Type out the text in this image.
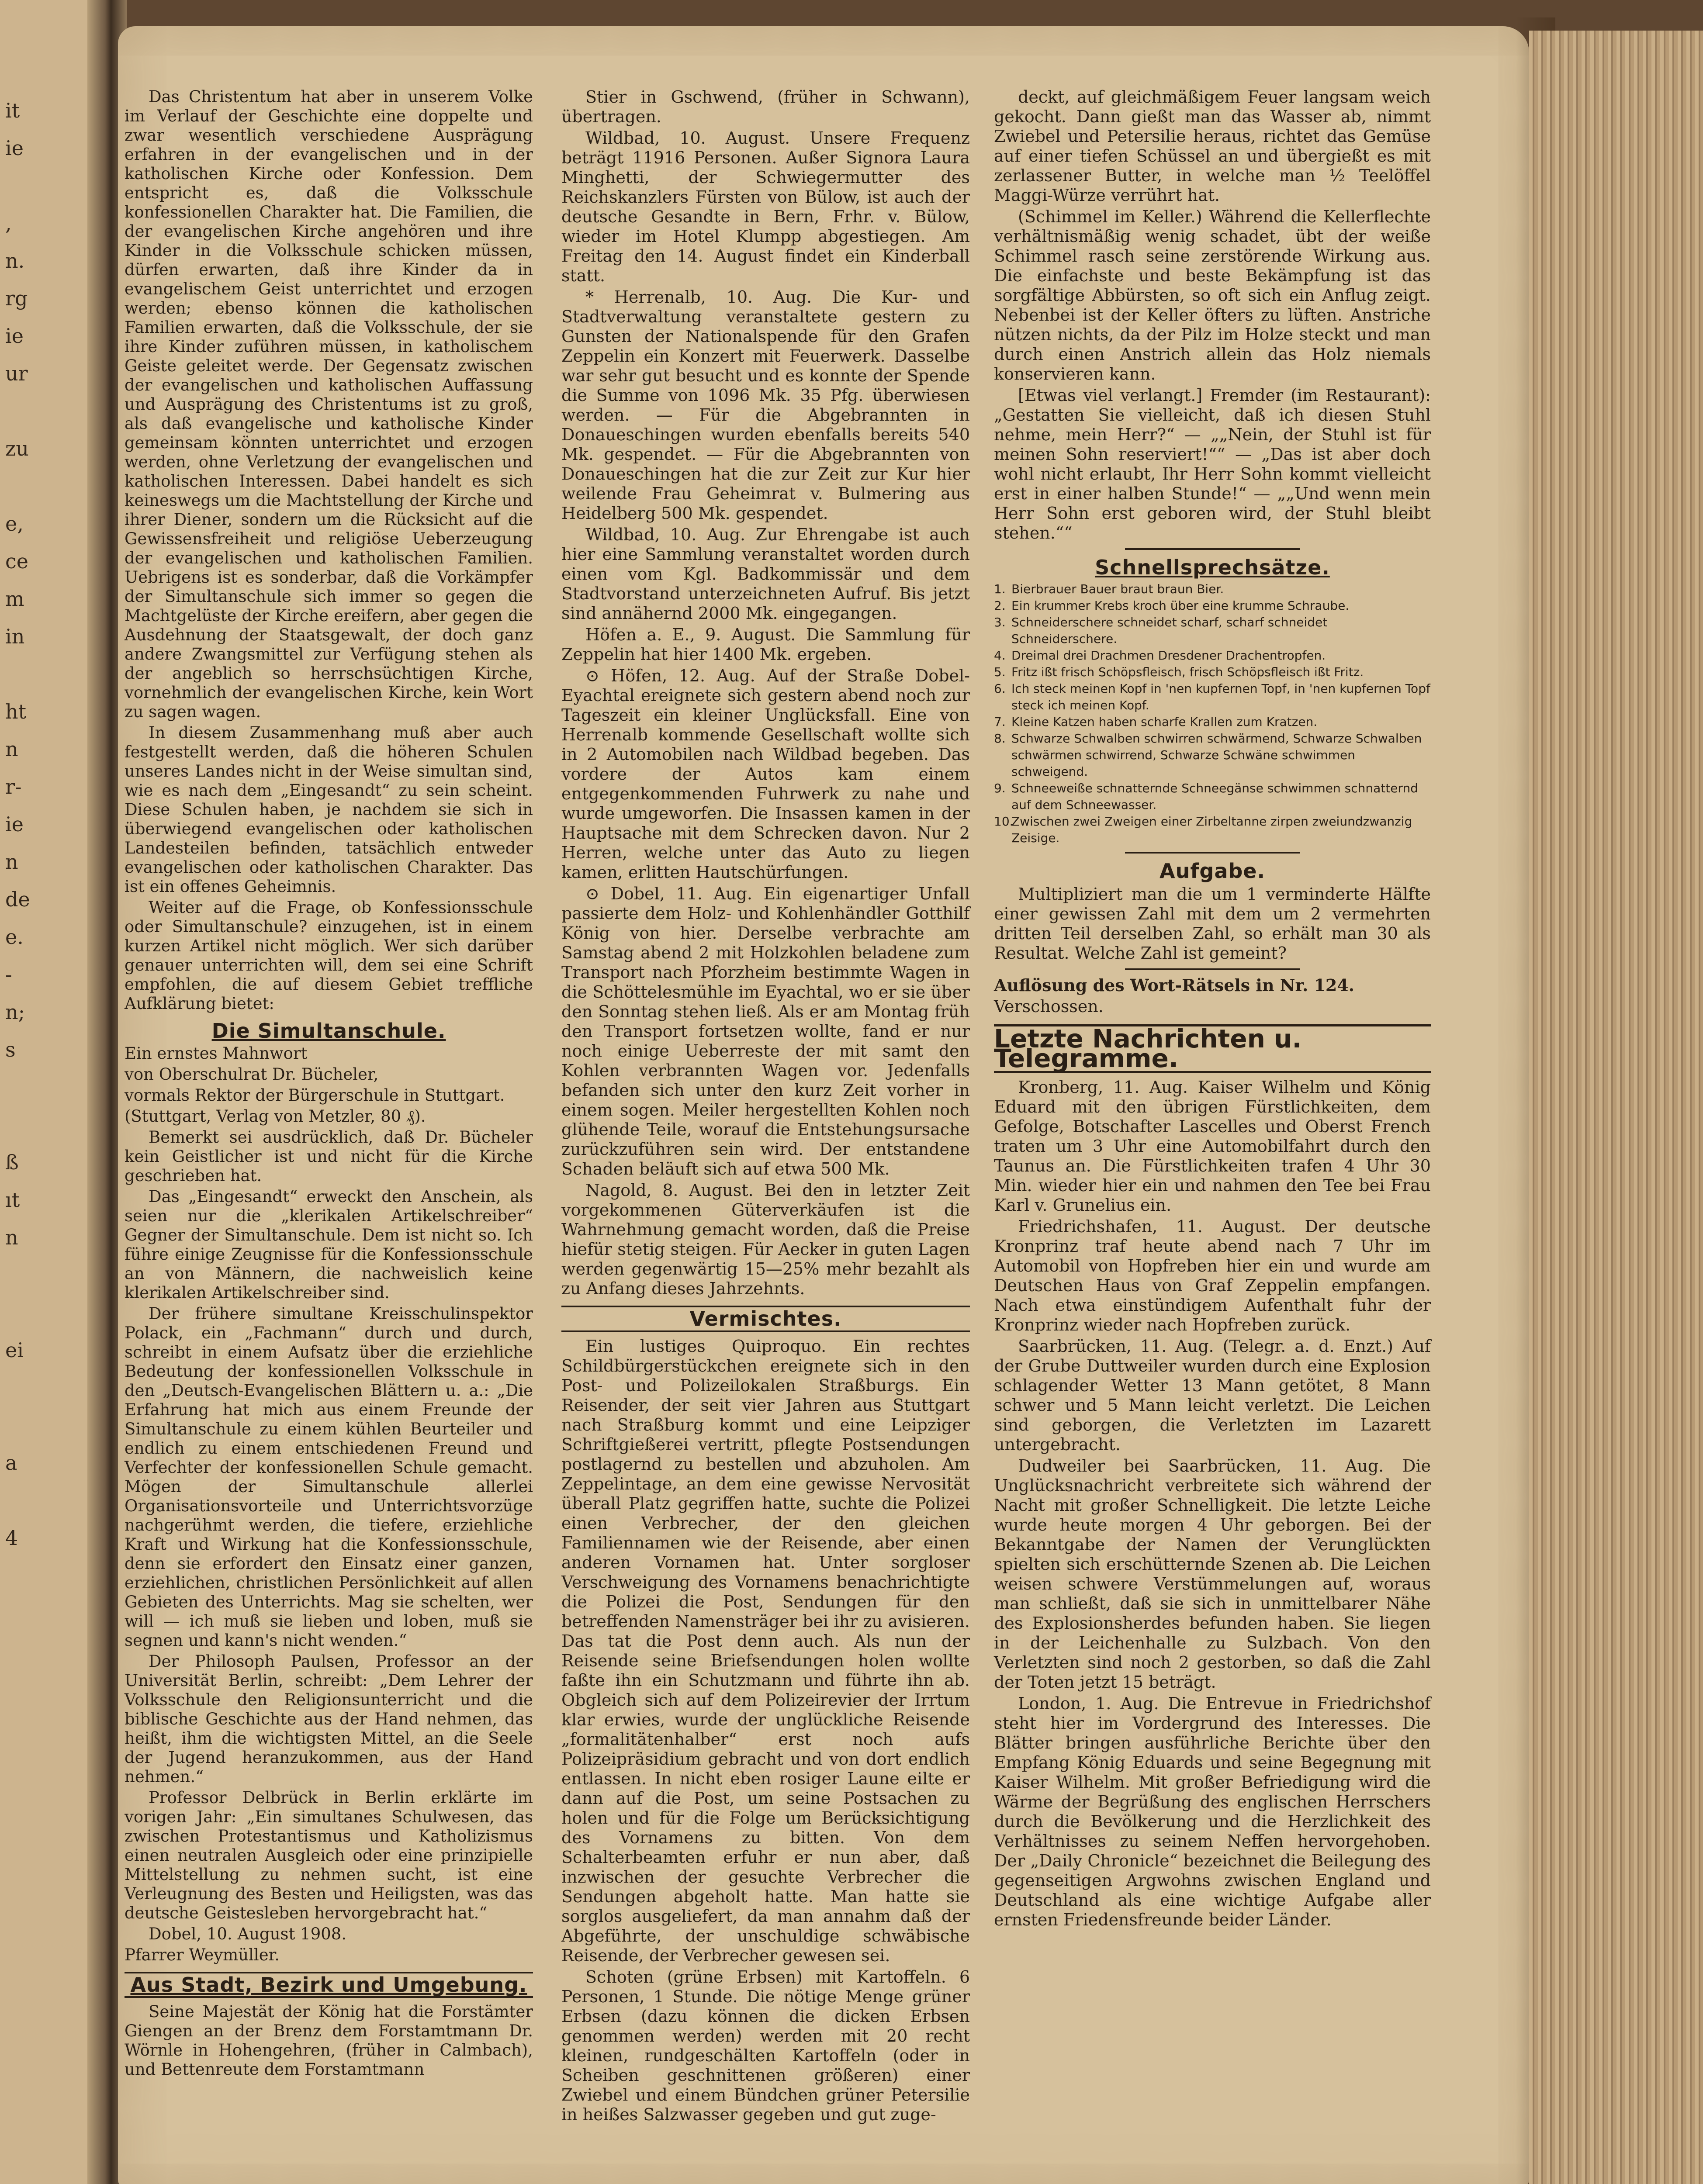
it
ie
,
n.
rg
ie
ur
zu
e,
ce
m
in
ht
n
r-
ie
n
de
e.
-
n;
s
ß
ıt
n
ei
a
4

Das Christentum hat aber in unserem Volke im Verlauf der Geschichte eine doppelte und zwar wesentlich verschiedene Ausprägung erfahren in der evangelischen und in der katholischen Kirche oder Konfession. Dem entspricht es, daß die Volksschule konfessionellen Charakter hat. Die Familien, die der evangelischen Kirche angehören und ihre Kinder in die Volksschule schicken müssen, dürfen erwarten, daß ihre Kinder da in evangelischem Geist unterrichtet und erzogen werden; ebenso können die katholischen Familien erwarten, daß die Volksschule, der sie ihre Kinder zuführen müssen, in katholischem Geiste geleitet werde. Der Gegensatz zwischen der evangelischen und katholischen Auffassung und Ausprägung des Christentums ist zu groß, als daß evangelische und katholische Kinder gemeinsam könnten unterrichtet und erzogen werden, ohne Verletzung der evangelischen und katholischen Interessen. Dabei handelt es sich keineswegs um die Machtstellung der Kirche und ihrer Diener, sondern um die Rücksicht auf die Gewissensfreiheit und religiöse Ueberzeugung der evangelischen und katholischen Familien. Uebrigens ist es sonderbar, daß die Vorkämpfer der Simultanschule sich immer so gegen die Machtgelüste der Kirche ereifern, aber gegen die Ausdehnung der Staatsgewalt, der doch ganz andere Zwangsmittel zur Verfügung stehen als der angeblich so herrschsüchtigen Kirche, vornehmlich der evangelischen Kirche, kein Wort zu sagen wagen.

In diesem Zusammenhang muß aber auch festgestellt werden, daß die höheren Schulen unseres Landes nicht in der Weise simultan sind, wie es nach dem „Eingesandt“ zu sein scheint. Diese Schulen haben, je nachdem sie sich in überwiegend evangelischen oder katholischen Landesteilen befinden, tatsächlich entweder evangelischen oder katholischen Charakter. Das ist ein offenes Geheimnis.

Weiter auf die Frage, ob Konfessionsschule oder Simultanschule? einzugehen, ist in einem kurzen Artikel nicht möglich. Wer sich darüber genauer unterrichten will, dem sei eine Schrift empfohlen, die auf diesem Gebiet treffliche Aufklärung bietet:

Die Simultanschule.

Ein ernstes Mahnwort

von Oberschulrat Dr. Bücheler,

vormals Rektor der Bürgerschule in Stuttgart.

(Stuttgart, Verlag von Metzler, 80 ₰).

Bemerkt sei ausdrücklich, daß Dr. Bücheler kein Geistlicher ist und nicht für die Kirche geschrieben hat.

Das „Eingesandt“ erweckt den Anschein, als seien nur die „klerikalen Artikelschreiber“ Gegner der Simultanschule. Dem ist nicht so. Ich führe einige Zeugnisse für die Konfessionsschule an von Männern, die nachweislich keine klerikalen Artikelschreiber sind.

Der frühere simultane Kreisschulinspektor Polack, ein „Fachmann“ durch und durch, schreibt in einem Aufsatz über die erziehliche Bedeutung der konfessionellen Volksschule in den „Deutsch-Evangelischen Blättern u. a.: „Die Erfahrung hat mich aus einem Freunde der Simultanschule zu einem kühlen Beurteiler und endlich zu einem entschiedenen Freund und Verfechter der konfessionellen Schule gemacht. Mögen der Simultanschule allerlei Organisationsvorteile und Unterrichtsvorzüge nachgerühmt werden, die tiefere, erziehliche Kraft und Wirkung hat die Konfessionsschule, denn sie erfordert den Einsatz einer ganzen, erziehlichen, christlichen Persönlichkeit auf allen Gebieten des Unterrichts. Mag sie schelten, wer will — ich muß sie lieben und loben, muß sie segnen und kann's nicht wenden.“

Der Philosoph Paulsen, Professor an der Universität Berlin, schreibt: „Dem Lehrer der Volksschule den Religionsunterricht und die biblische Geschichte aus der Hand nehmen, das heißt, ihm die wichtigsten Mittel, an die Seele der Jugend heranzukommen, aus der Hand nehmen.“

Professor Delbrück in Berlin erklärte im vorigen Jahr: „Ein simultanes Schulwesen, das zwischen Protestantismus und Katholizismus einen neutralen Ausgleich oder eine prinzipielle Mittelstellung zu nehmen sucht, ist eine Verleugnung des Besten und Heiligsten, was das deutsche Geistesleben hervorgebracht hat.“

Dobel, 10. August 1908.

Pfarrer Weymüller.

Aus Stadt, Bezirk und Umgebung.

Seine Majestät der König hat die Forstämter Giengen an der Brenz dem Forstamtmann Dr. Wörnle in Hohengehren, (früher in Calmbach), und Bettenreute dem Forstamtmann

Stier in Gschwend, (früher in Schwann), übertragen.

Wildbad, 10. August. Unsere Frequenz beträgt 11916 Personen. Außer Signora Laura Minghetti, der Schwiegermutter des Reichskanzlers Fürsten von Bülow, ist auch der deutsche Gesandte in Bern, Frhr. v. Bülow, wieder im Hotel Klumpp abgestiegen. Am Freitag den 14. August findet ein Kinderball statt.

* Herrenalb, 10. Aug. Die Kur- und Stadtverwaltung veranstaltete gestern zu Gunsten der Nationalspende für den Grafen Zeppelin ein Konzert mit Feuerwerk. Dasselbe war sehr gut besucht und es konnte der Spende die Summe von 1096 Mk. 35 Pfg. überwiesen werden. — Für die Abgebrannten in Donaueschingen wurden ebenfalls bereits 540 Mk. gespendet. — Für die Abgebrannten von Donaueschingen hat die zur Zeit zur Kur hier weilende Frau Geheimrat v. Bulmering aus Heidelberg 500 Mk. gespendet.

Wildbad, 10. Aug. Zur Ehrengabe ist auch hier eine Sammlung veranstaltet worden durch einen vom Kgl. Badkommissär und dem Stadtvorstand unterzeichneten Aufruf. Bis jetzt sind annähernd 2000 Mk. eingegangen.

Höfen a. E., 9. August. Die Sammlung für Zeppelin hat hier 1400 Mk. ergeben.

⊙ Höfen, 12. Aug. Auf der Straße Dobel-Eyachtal ereignete sich gestern abend noch zur Tageszeit ein kleiner Unglücksfall. Eine von Herrenalb kommende Gesellschaft wollte sich in 2 Automobilen nach Wildbad begeben. Das vordere der Autos kam einem entgegenkommenden Fuhrwerk zu nahe und wurde umgeworfen. Die Insassen kamen in der Hauptsache mit dem Schrecken davon. Nur 2 Herren, welche unter das Auto zu liegen kamen, erlitten Hautschürfungen.

⊙ Dobel, 11. Aug. Ein eigenartiger Unfall passierte dem Holz- und Kohlenhändler Gotthilf König von hier. Derselbe verbrachte am Samstag abend 2 mit Holzkohlen beladene zum Transport nach Pforzheim bestimmte Wagen in die Schöttelesmühle im Eyachtal, wo er sie über den Sonntag stehen ließ. Als er am Montag früh den Transport fortsetzen wollte, fand er nur noch einige Ueberreste der mit samt den Kohlen verbrannten Wagen vor. Jedenfalls befanden sich unter den kurz Zeit vorher in einem sogen. Meiler hergestellten Kohlen noch glühende Teile, worauf die Entstehungsursache zurückzuführen sein wird. Der entstandene Schaden beläuft sich auf etwa 500 Mk.

Nagold, 8. August. Bei den in letzter Zeit vorgekommenen Güterverkäufen ist die Wahrnehmung gemacht worden, daß die Preise hiefür stetig steigen. Für Aecker in guten Lagen werden gegenwärtig 15—25% mehr bezahlt als zu Anfang dieses Jahrzehnts.

Vermischtes.

Ein lustiges Quiproquo. Ein rechtes Schildbürgerstückchen ereignete sich in den Post- und Polizeilokalen Straßburgs. Ein Reisender, der seit vier Jahren aus Stuttgart nach Straßburg kommt und eine Leipziger Schriftgießerei vertritt, pflegte Postsendungen postlagernd zu bestellen und abzuholen. Am Zeppelintage, an dem eine gewisse Nervosität überall Platz gegriffen hatte, suchte die Polizei einen Verbrecher, der den gleichen Familiennamen wie der Reisende, aber einen anderen Vornamen hat. Unter sorgloser Verschweigung des Vornamens benachrichtigte die Polizei die Post, Sendungen für den betreffenden Namensträger bei ihr zu avisieren. Das tat die Post denn auch. Als nun der Reisende seine Briefsendungen holen wollte faßte ihn ein Schutzmann und führte ihn ab. Obgleich sich auf dem Polizeirevier der Irrtum klar erwies, wurde der unglückliche Reisende „formalitätenhalber“ erst noch aufs Polizeipräsidium gebracht und von dort endlich entlassen. In nicht eben rosiger Laune eilte er dann auf die Post, um seine Postsachen zu holen und für die Folge um Berücksichtigung des Vornamens zu bitten. Von dem Schalterbeamten erfuhr er nun aber, daß inzwischen der gesuchte Verbrecher die Sendungen abgeholt hatte. Man hatte sie sorglos ausgeliefert, da man annahm daß der Abgeführte, der unschuldige schwäbische Reisende, der Verbrecher gewesen sei.

Schoten (grüne Erbsen) mit Kartoffeln. 6 Personen, 1 Stunde. Die nötige Menge grüner Erbsen (dazu können die dicken Erbsen genommen werden) werden mit 20 recht kleinen, rundgeschälten Kartoffeln (oder in Scheiben geschnittenen größeren) einer Zwiebel und einem Bündchen grüner Petersilie in heißes Salzwasser gegeben und gut zuge-

deckt, auf gleichmäßigem Feuer langsam weich gekocht. Dann gießt man das Wasser ab, nimmt Zwiebel und Petersilie heraus, richtet das Gemüse auf einer tiefen Schüssel an und übergießt es mit zerlassener Butter, in welche man ½ Teelöffel Maggi-Würze verrührt hat.

(Schimmel im Keller.) Während die Kellerflechte verhältnismäßig wenig schadet, übt der weiße Schimmel rasch seine zerstörende Wirkung aus. Die einfachste und beste Bekämpfung ist das sorgfältige Abbürsten, so oft sich ein Anflug zeigt. Nebenbei ist der Keller öfters zu lüften. Anstriche nützen nichts, da der Pilz im Holze steckt und man durch einen Anstrich allein das Holz niemals konservieren kann.

[Etwas viel verlangt.] Fremder (im Restaurant): „Gestatten Sie vielleicht, daß ich diesen Stuhl nehme, mein Herr?“ — „„Nein, der Stuhl ist für meinen Sohn reserviert!““ — „Das ist aber doch wohl nicht erlaubt, Ihr Herr Sohn kommt vielleicht erst in einer halben Stunde!“ — „„Und wenn mein Herr Sohn erst geboren wird, der Stuhl bleibt stehen.““

Schnellsprechsätze.
1. Bierbrauer Bauer braut braun Bier.
2. Ein krummer Krebs kroch über eine krumme Schraube.
3. Schneiderschere schneidet scharf, scharf schneidet Schneiderschere.
4. Dreimal drei Drachmen Dresdener Drachentropfen.
5. Fritz ißt frisch Schöpsfleisch, frisch Schöpsfleisch ißt Fritz.
6. Ich steck meinen Kopf in 'nen kupfernen Topf, in 'nen kupfernen Topf steck ich meinen Kopf.
7. Kleine Katzen haben scharfe Krallen zum Kratzen.
8. Schwarze Schwalben schwirren schwärmend, Schwarze Schwalben schwärmen schwirrend, Schwarze Schwäne schwimmen schweigend.
9. Schneeweiße schnatternde Schneegänse schwimmen schnatternd auf dem Schneewasser.
10.
Zwischen zwei Zweigen einer Zirbeltanne zirpen zweiundzwanzig Zeisige.
Aufgabe.

Multipliziert man die um 1 verminderte Hälfte einer gewissen Zahl mit dem um 2 vermehrten dritten Teil derselben Zahl, so erhält man 30 als Resultat. Welche Zahl ist gemeint?

Auflösung des Wort-Rätsels in Nr. 124.

Verschossen.

Letzte Nachrichten u. Telegramme.

Kronberg, 11. Aug. Kaiser Wilhelm und König Eduard mit den übrigen Fürstlichkeiten, dem Gefolge, Botschafter Lascelles und Oberst French traten um 3 Uhr eine Automobilfahrt durch den Taunus an. Die Fürstlichkeiten trafen 4 Uhr 30 Min. wieder hier ein und nahmen den Tee bei Frau Karl v. Grunelius ein.

Friedrichshafen, 11. August. Der deutsche Kronprinz traf heute abend nach 7 Uhr im Automobil von Hopfreben hier ein und wurde am Deutschen Haus von Graf Zeppelin empfangen. Nach etwa einstündigem Aufenthalt fuhr der Kronprinz wieder nach Hopfreben zurück.

Saarbrücken, 11. Aug. (Telegr. a. d. Enzt.) Auf der Grube Duttweiler wurden durch eine Explosion schlagender Wetter 13 Mann getötet, 8 Mann schwer und 5 Mann leicht verletzt. Die Leichen sind geborgen, die Verletzten im Lazarett untergebracht.

Dudweiler bei Saarbrücken, 11. Aug. Die Unglücksnachricht verbreitete sich während der Nacht mit großer Schnelligkeit. Die letzte Leiche wurde heute morgen 4 Uhr geborgen. Bei der Bekanntgabe der Namen der Verunglückten spielten sich erschütternde Szenen ab. Die Leichen weisen schwere Verstümmelungen auf, woraus man schließt, daß sie sich in unmittelbarer Nähe des Explosionsherdes befunden haben. Sie liegen in der Leichenhalle zu Sulzbach. Von den Verletzten sind noch 2 gestorben, so daß die Zahl der Toten jetzt 15 beträgt.

London, 1. Aug. Die Entrevue in Friedrichshof steht hier im Vordergrund des Interesses. Die Blätter bringen ausführliche Berichte über den Empfang König Eduards und seine Begegnung mit Kaiser Wilhelm. Mit großer Befriedigung wird die Wärme der Begrüßung des englischen Herrschers durch die Bevölkerung und die Herzlichkeit des Verhältnisses zu seinem Neffen hervorgehoben. Der „Daily Chronicle“ bezeichnet die Beilegung des gegenseitigen Argwohns zwischen England und Deutschland als eine wichtige Aufgabe aller ernsten Friedensfreunde beider Länder.
